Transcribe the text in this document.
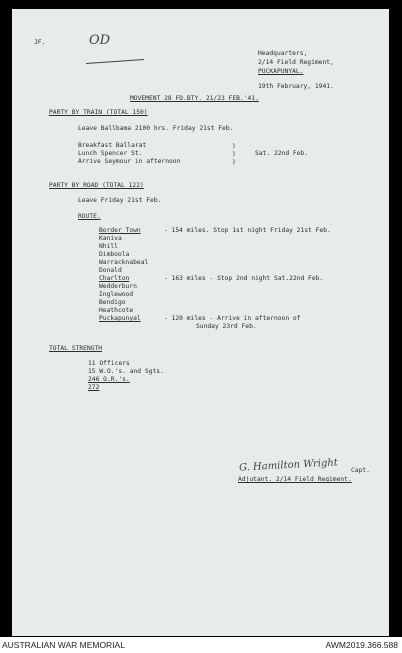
JF.	OD
Headquarters,
2/14 Field Regiment,
PUCKAPUNYAL.
19th February, 1941.
MOVEMENT 28 FD.BTY. 21/23 FEB.'41.
PARTY BY TRAIN (TOTAL 150)
Leave Ballbama 2100 hrs. Friday 21st Feb.
Breakfast Ballarat
Lunch Spencer St.
Arrive Seymour in afternoon
)
)
)
Sat. 22nd Feb.
PARTY BY ROAD (TOTAL 122)
Leave Friday 21st Feb.
ROUTE.
Border Town	- 154 miles. Stop 1st night Friday 21st Feb.
Kaniva
Nhill
Dimboola
Warracknabeal
Donald
Charlton	- 163 miles - Stop 2nd night Sat.22nd Feb.
Wedderburn
Inglewood
Bendigo
Heathcote
Puckapunyal	- 120 miles - Arrive in afternoon of
Sunday 23rd Feb.
TOTAL STRENGTH
11 Officers
15 W.O.'s. and Sgts.
246 O.R.'s.
272
G. Hamilton Wright Capt.
Adjutant. 2/14 Field Regiment.
AUSTRALIAN WAR MEMORIAL	AWM2019.366.588
